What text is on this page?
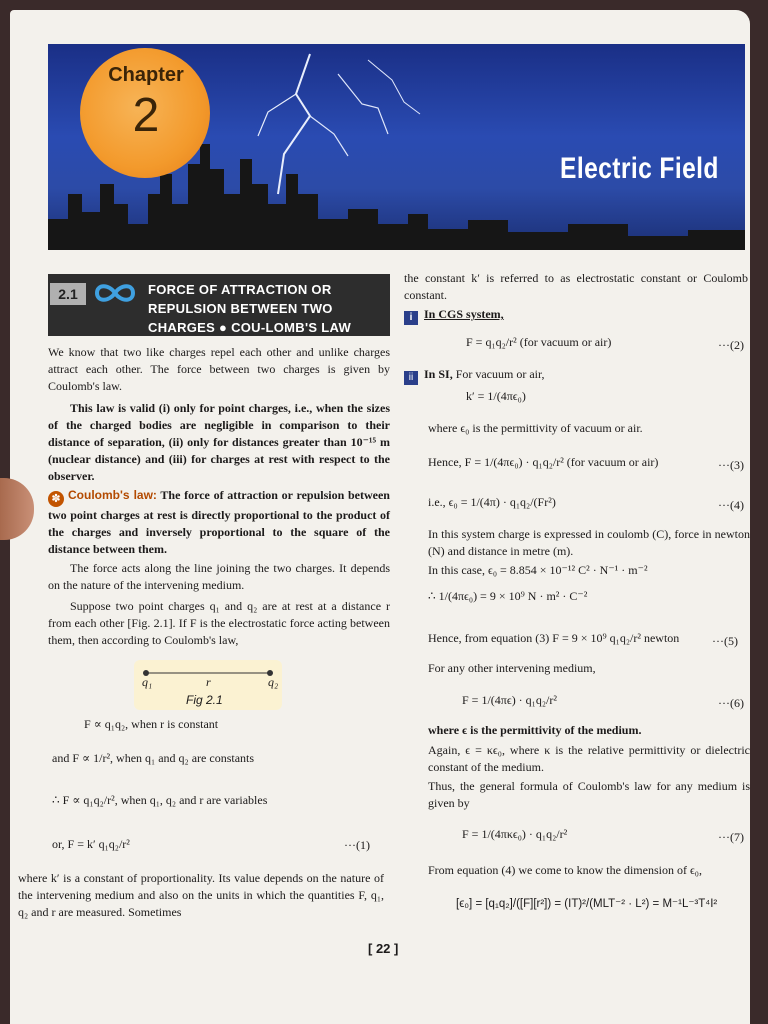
Chapter
2
Electric Field
2.1	FORCE OF ATTRACTION OR REPULSION BETWEEN TWO CHARGES ● COU-LOMB'S LAW

We know that two like charges repel each other and unlike charges attract each other. The force between two charges is given by Coulomb's law.

This law is valid (i) only for point charges, i.e., when the sizes of the charged bodies are negligible in comparison to their distance of separation, (ii) only for distances greater than 10⁻¹⁵ m (nuclear distance) and (iii) for charges at rest with respect to the observer.

✽ Coulomb's law: The force of attraction or repulsion between two point charges at rest is directly proportional to the product of the charges and inversely proportional to the square of the distance between them.

The force acts along the line joining the two charges. It depends on the nature of the intervening medium.

Suppose two point charges q₁ and q₂ are at rest at a distance r from each other [Fig. 2.1]. If F is the electrostatic force acting between them, then according to Coulomb's law,

q₁	r	q₂
Fig 2.1

F ∝ q₁q₂, when r is constant

and F ∝ 1/r², when q₁ and q₂ are constants

∴ F ∝ q₁q₂/r², when q₁, q₂ and r are variables

or, F = k′ q₁q₂/r²	···(1)

where k′ is a constant of proportionality. Its value depends on the nature of the intervening medium and also on the units in which the quantities F, q₁, q₂ and r are measured. Sometimes

the constant k′ is referred to as electrostatic constant or Coulomb constant.

i In CGS system,

F = q₁q₂/r² (for vacuum or air)	···(2)

ii In SI, For vacuum or air,

k′ = 1/(4πϵ₀)

where ϵ₀ is the permittivity of vacuum or air.

Hence, F = 1/(4πϵ₀) · q₁q₂/r² (for vacuum or air)	···(3)

i.e., ϵ₀ = 1/(4π) · q₁q₂/(Fr²)	···(4)

In this system charge is expressed in coulomb (C), force in newton (N) and distance in metre (m).

In this case, ϵ₀ = 8.854 × 10⁻¹² C² · N⁻¹ · m⁻²

∴ 1/(4πϵ₀) = 9 × 10⁹ N · m² · C⁻²

Hence, from equation (3) F = 9 × 10⁹ q₁q₂/r² newton	···(5)

For any other intervening medium,

F = 1/(4πϵ) · q₁q₂/r²	···(6)

where ϵ is the permittivity of the medium.

Again, ϵ = κϵ₀, where κ is the relative permittivity or dielectric constant of the medium.

Thus, the general formula of Coulomb's law for any medium is given by

F = 1/(4πκϵ₀) · q₁q₂/r²	···(7)

From equation (4) we come to know the dimension of ϵ₀,

[ϵ₀] = [q₁q₂]/([F][r²]) = (IT)²/(MLT⁻² · L²) = M⁻¹L⁻³T⁴I²

[ 22 ]
